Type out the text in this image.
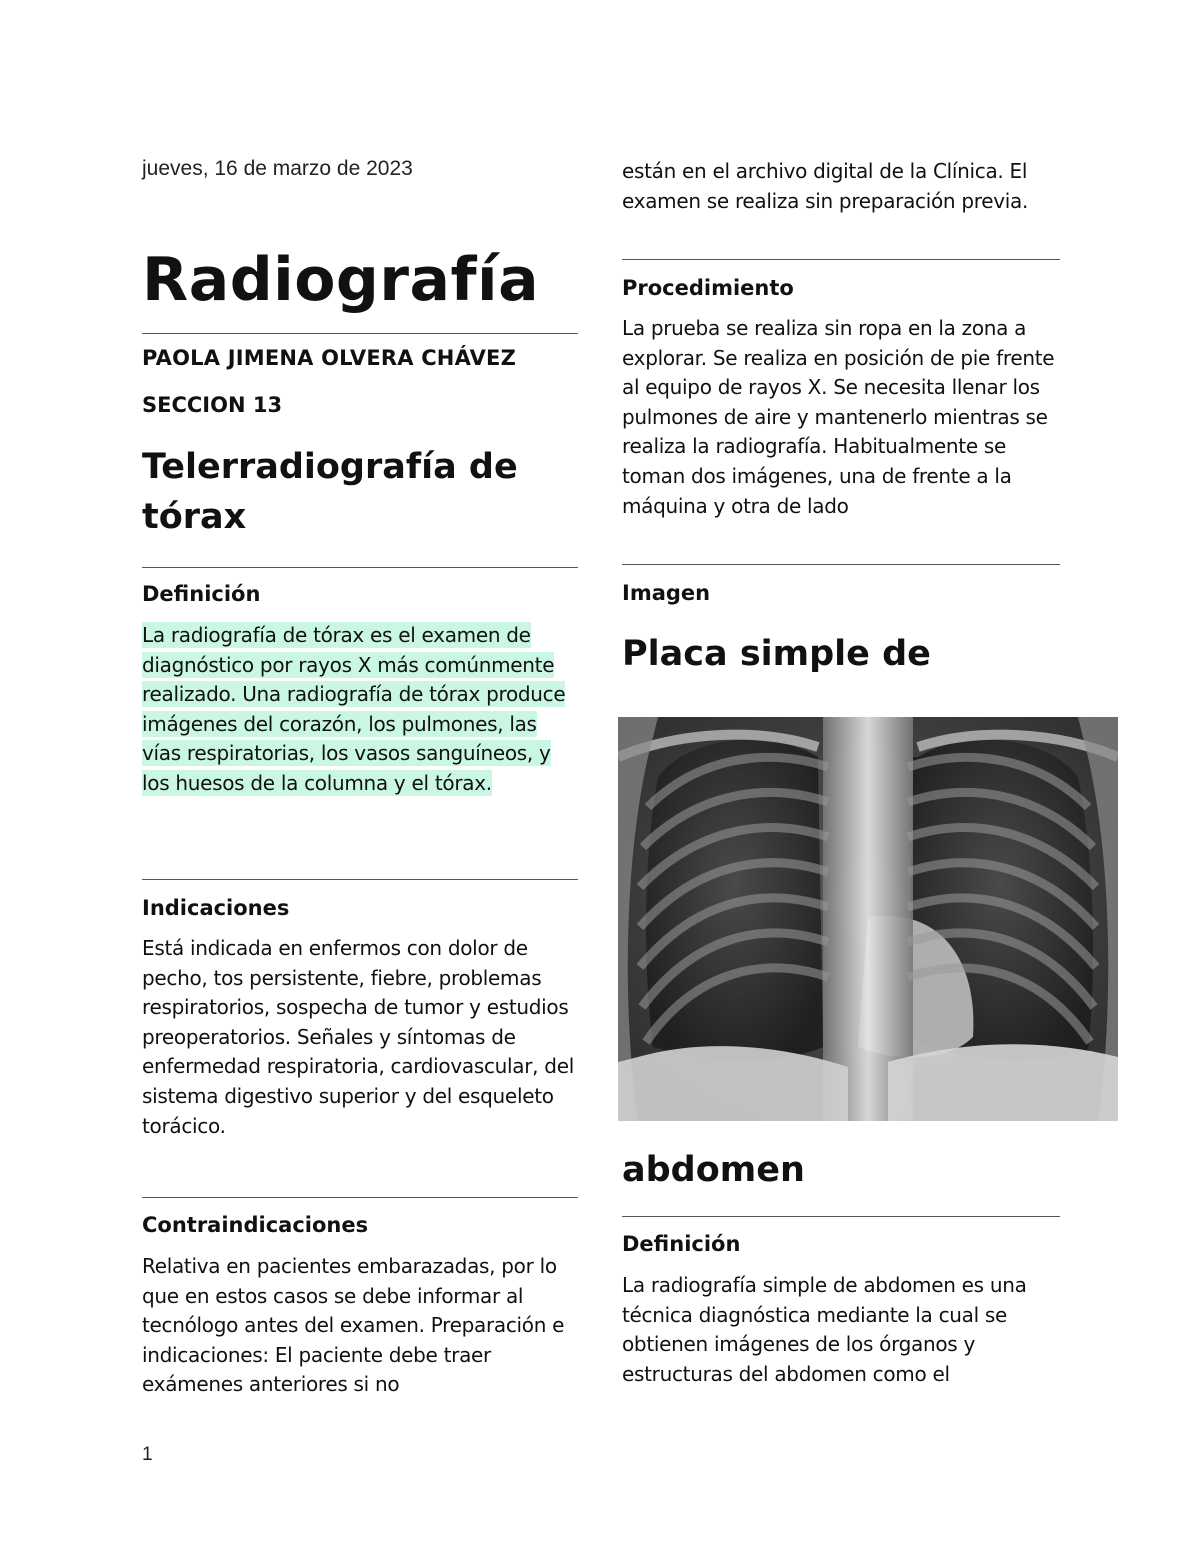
jueves, 16 de marzo de 2023

Radiografía

PAOLA JIMENA OLVERA CHÁVEZ

SECCION 13

Telerradiografía de tórax
Definición

La radiografía de tórax es el examen de diagnóstico por rayos X más comúnmente realizado. Una radiografía de tórax produce imágenes del corazón, los pulmones, las vías respiratorias, los vasos sanguíneos, y los huesos de la columna y el tórax.

Indicaciones

Está indicada en enfermos con dolor de pecho, tos persistente, fiebre, problemas respiratorios, sospecha de tumor y estudios preoperatorios. Señales y síntomas de enfermedad respiratoria, cardiovascular, del sistema digestivo superior y del esqueleto torácico.

Contraindicaciones

Relativa en pacientes embarazadas, por lo que en estos casos se debe informar al tecnólogo antes del examen. Preparación e indicaciones: El paciente debe traer exámenes anteriores si no

están en el archivo digital de la Clínica. El examen se realiza sin preparación previa.

Procedimiento

La prueba se realiza sin ropa en la zona a explorar. Se realiza en posición de pie frente al equipo de rayos X. Se necesita llenar los pulmones de aire y mantenerlo mientras se realiza la radiografía. Habitualmente se toman dos imágenes, una de frente a la máquina y otra de lado

Imagen
Placa simple de
abdomen
Definición

La radiografía simple de abdomen es una técnica diagnóstica mediante la cual se obtienen imágenes de los órganos y estructuras del abdomen como el

1
